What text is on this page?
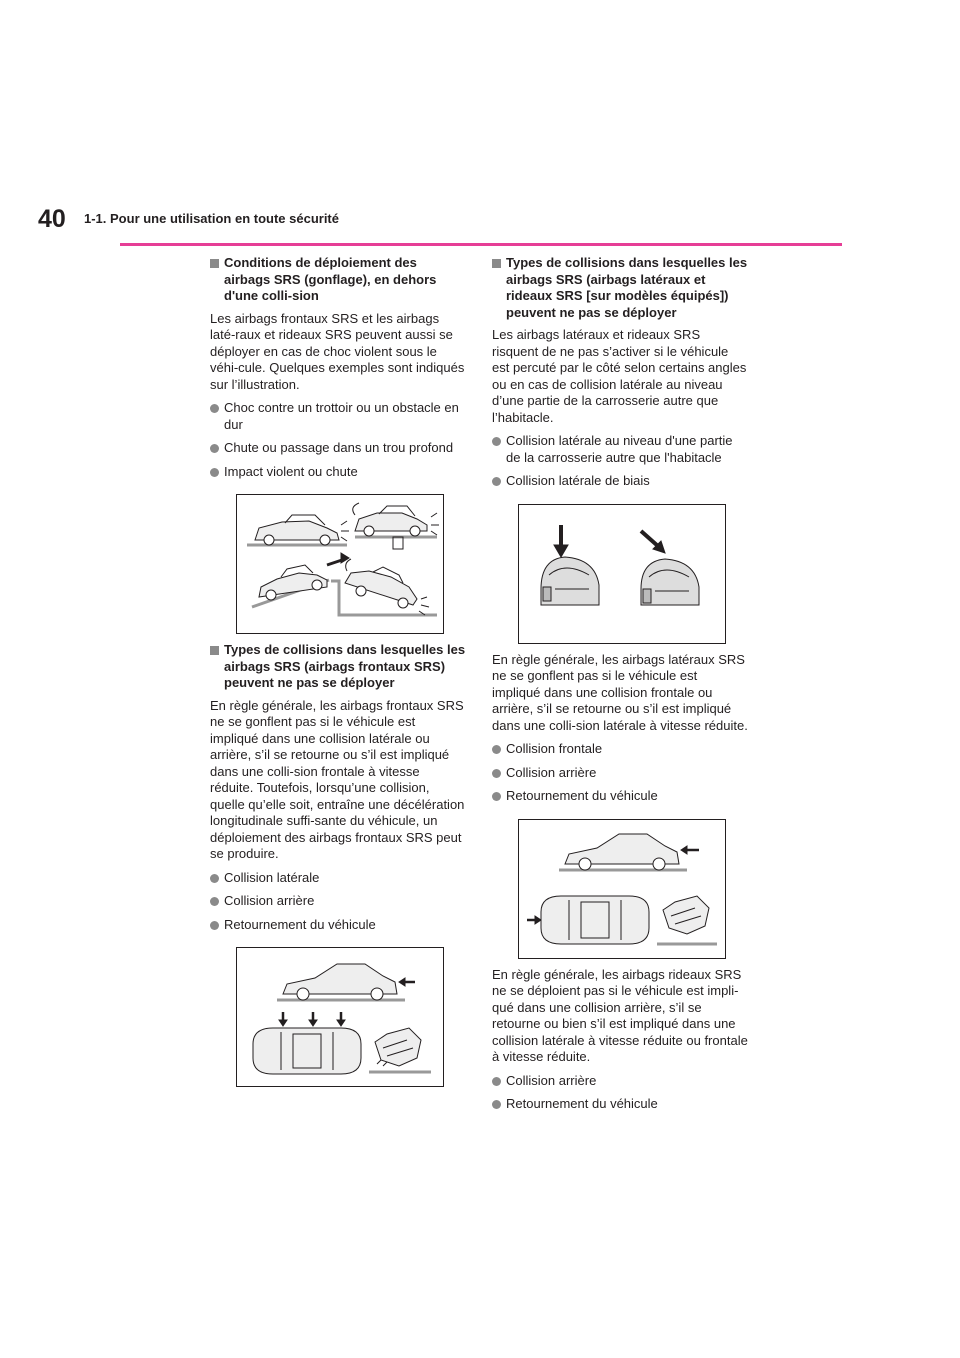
40 1-1. Pour une utilisation en toute sécurité
Conditions de déploiement des airbags SRS (gonflage), en dehors d'une colli-sion
Les airbags frontaux SRS et les airbags laté-raux et rideaux SRS peuvent aussi se déployer en cas de choc violent sous le véhi-cule. Quelques exemples sont indiqués sur l’illustration.
Choc contre un trottoir ou un obstacle en dur
Chute ou passage dans un trou profond
Impact violent ou chute
Types de collisions dans lesquelles les airbags SRS (airbags frontaux SRS) peuvent ne pas se déployer
En règle générale, les airbags frontaux SRS ne se gonflent pas si le véhicule est impliqué dans une collision latérale ou arrière, s’il se retourne ou s’il est impliqué dans une colli-sion frontale à vitesse réduite. Toutefois, lorsqu’une collision, quelle qu’elle soit, entraîne une décélération longitudinale suffi-sante du véhicule, un déploiement des airbags frontaux SRS peut se produire.
Collision latérale
Collision arrière
Retournement du véhicule
Types de collisions dans lesquelles les airbags SRS (airbags latéraux et rideaux SRS [sur modèles équipés]) peuvent ne pas se déployer
Les airbags latéraux et rideaux SRS risquent de ne pas s’activer si le véhicule est percuté par le côté selon certains angles ou en cas de collision latérale au niveau d’une partie de la carrosserie autre que l’habitacle.
Collision latérale au niveau d'une partie de la carrosserie autre que l'habitacle
Collision latérale de biais
En règle générale, les airbags latéraux SRS ne se gonflent pas si le véhicule est impliqué dans une collision frontale ou arrière, s’il se retourne ou s’il est impliqué dans une colli-sion latérale à vitesse réduite.
Collision frontale
Collision arrière
Retournement du véhicule
En règle générale, les airbags rideaux SRS ne se déploient pas si le véhicule est impli-qué dans une collision arrière, s’il se retourne ou bien s’il est impliqué dans une collision latérale à vitesse réduite ou frontale à vitesse réduite.
Collision arrière
Retournement du véhicule
